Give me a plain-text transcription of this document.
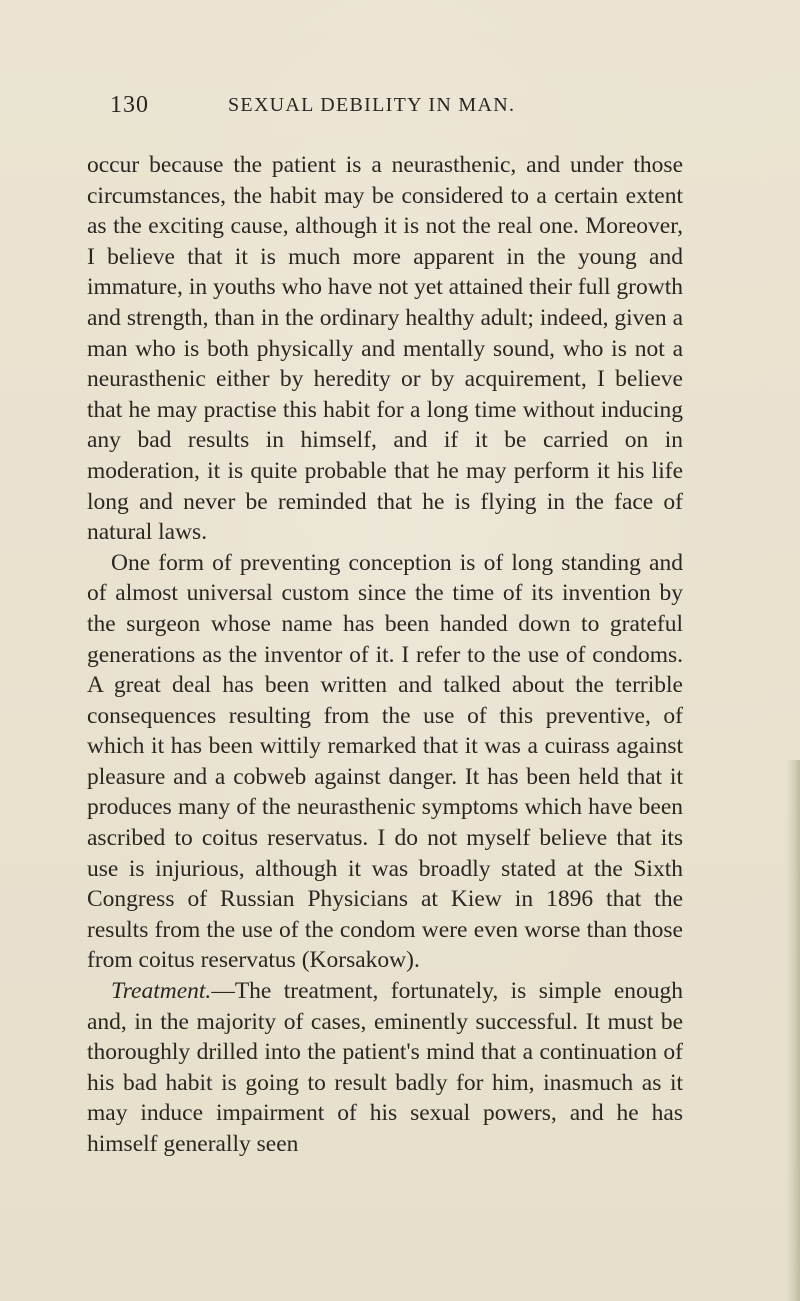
130	SEXUAL DEBILITY IN MAN.

occur because the patient is a neurasthenic, and under those circumstances, the habit may be considered to a certain extent as the exciting cause, although it is not the real one. Moreover, I believe that it is much more apparent in the young and immature, in youths who have not yet attained their full growth and strength, than in the ordinary healthy adult; indeed, given a man who is both physically and mentally sound, who is not a neurasthenic either by heredity or by acquirement, I believe that he may practise this habit for a long time without inducing any bad results in himself, and if it be carried on in moderation, it is quite probable that he may perform it his life long and never be reminded that he is flying in the face of natural laws.

One form of preventing conception is of long standing and of almost universal custom since the time of its invention by the surgeon whose name has been handed down to grateful generations as the inventor of it. I refer to the use of condoms. A great deal has been written and talked about the terrible consequences resulting from the use of this preventive, of which it has been wittily remarked that it was a cuirass against pleasure and a cobweb against danger. It has been held that it produces many of the neurasthenic symptoms which have been ascribed to coitus reservatus. I do not myself believe that its use is injurious, although it was broadly stated at the Sixth Congress of Russian Physicians at Kiew in 1896 that the results from the use of the condom were even worse than those from coitus reservatus (Korsakow).

Treatment.—The treatment, fortunately, is simple enough and, in the majority of cases, eminently successful. It must be thoroughly drilled into the patient's mind that a continuation of his bad habit is going to result badly for him, inasmuch as it may induce impairment of his sexual powers, and he has himself generally seen
